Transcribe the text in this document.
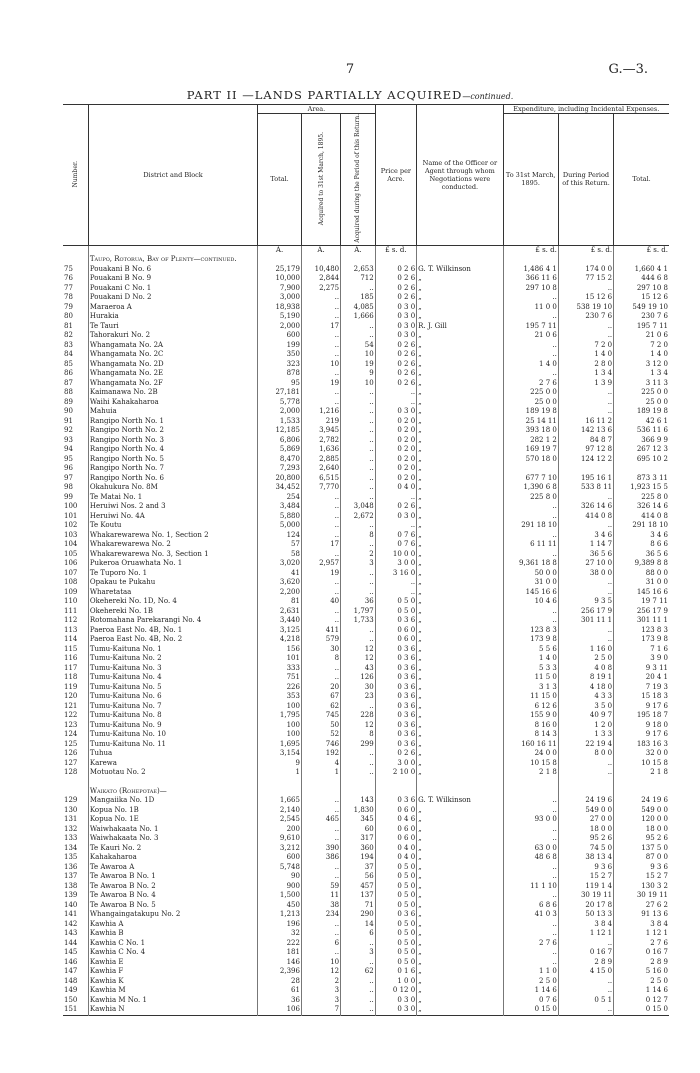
7	G.—3.
PART II —LANDS PARTIALLY ACQUIRED—continued.
Number.	District and Block	Area.			Price per Acre.	Name of the Officer or Agent through whom Negotiations were conducted.	Expenditure, including Incidental Expenses.		
		Total.	Acquired to 31st March, 1895.	Acquired during the Period of this Return.			To 31st March, 1895.	During Period of this Return.	Total.
		A.	A.	A.	£ s. d.		£ s. d.	£ s. d.	£ s. d.
	Taupo, Rotorua, Bay of Plenty—continued.								
75	Pouakani B No. 6	25,179	10,480	2,653	0 2 6	G. T. Wilkinson	1,486 4 1	174 0 0	1,660 4 1
76	Pouakani B No. 9	10,000	2,844	712	0 2 6	„	366 11 6	77 15 2	444 6 8
77	Pouakani C No. 1	7,900	2,275	..	0 2 6	„	297 10 8	..	297 10 8
78	Pouakani D No. 2	3,000	..	185	0 2 6	„	..	15 12 6	15 12 6
79	Maraeroa A	18,938	..	4,085	0 3 0	„	11 0 0	538 19 10	549 19 10
80	Hurakia	5,190	..	1,666	0 3 0	„	..	230 7 6	230 7 6
81	Te Tauri	2,000	17	..	0 3 0	R. J. Gill	195 7 11	..	195 7 11
82	Tahorakuri No. 2	600	..	..	0 3 0	„	21 0 6	..	21 0 6
83	Whangamata No. 2A	199	..	54	0 2 6	„	..	7 2 0	7 2 0
84	Whangamata No. 2C	350	..	10	0 2 6	„	..	1 4 0	1 4 0
85	Whangamata No. 2D	323	10	19	0 2 6	„	1 4 0	2 8 0	3 12 0
86	Whangamata No. 2E	878	..	9	0 2 6	„	..	1 3 4	1 3 4
87	Whangamata No. 2F	95	19	10	0 2 6	„	2 7 6	1 3 9	3 11 3
88	Kaimanawa No. 2B	27,181	..	..	..	„	225 0 0	..	225 0 0
89	Waihi Kahakaharoa	5,778	..	..	..	„	25 0 0	..	25 0 0
90	Mahuia	2,000	1,216	..	0 3 0	„	189 19 8	..	189 19 8
91	Rangipo North No. 1	1,533	219	..	0 2 0	„	25 14 11	16 11 2	42 6 1
92	Rangipo North No. 2	12,185	3,945	..	0 2 0	„	393 18 0	142 13 6	536 11 6
93	Rangipo North No. 3	6,806	2,782	..	0 2 0	„	282 1 2	84 8 7	366 9 9
94	Rangipo North No. 4	5,869	1,636	..	0 2 0	„	169 19 7	97 12 8	267 12 3
95	Rangipo North No. 5	8,470	2,885	..	0 2 0	„	570 18 0	124 12 2	695 10 2
96	Rangipo North No. 7	7,293	2,640	..	0 2 0	„			
97	Rangipo North No. 6	20,800	6,515	..	0 2 0	„	677 7 10	195 16 1	873 3 11
98	Okahukura No. 8M	34,452	7,770	..	0 4 0	„	1,390 6 8	533 8 11	1,923 15 5
99	Te Matai No. 1	254	..	..	..	„	225 8 0	..	225 8 0
100	Heruiwi Nos. 2 and 3	3,484	..	3,048	0 2 6	„	..	326 14 6	326 14 6
101	Heruiwi No. 4A	5,880	..	2,672	0 3 0	„	..	414 0 8	414 0 8
102	Te Koutu	5,000	..	..	..	„	291 18 10	..	291 18 10
103	Whakarewarewa No. 1, Section 2	124	..	8	0 7 6	„	..	3 4 6	3 4 6
104	Whakarewarewa No. 2	57	17	..	0 7 6	„	6 11 11	1 14 7	8 6 6
105	Whakarewarewa No. 3, Section 1	58	..	2	10 0 0	„	..	36 5 6	36 5 6
106	Pukeroa Oruawhata No. 1	3,020	2,957	3	3 0 0	„	9,361 18 8	27 10 0	9,389 8 8
107	Te Tuporo No. 1	41	19	..	3 16 0	„	50 0 0	38 0 0	88 0 0
108	Opakau te Pukahu	3,620	..	..	..	„	31 0 0	..	31 0 0
109	Wharetataa	2,200	..	..	..	„	145 16 6	..	145 16 6
110	Okehereki No. 1D, No. 4	81	40	36	0 5 0	„	10 4 6	9 3 5	19 7 11
111	Okehereki No. 1B	2,631	..	1,797	0 5 0	„	..	256 17 9	256 17 9
112	Rotomahana Parekarangi No. 4	3,440	..	1,733	0 3 6	„	..	301 11 1	301 11 1
113	Paeroa East No. 4B, No. 1	3,125	411	..	0 6 0	„	123 8 3	..	123 8 3
114	Paeroa East No. 4B, No. 2	4,218	579	..	0 6 0	„	173 9 8	..	173 9 8
115	Tumu-Kaituna No. 1	156	30	12	0 3 6	„	5 5 6	1 16 0	7 1 6
116	Tumu-Kaituna No. 2	101	8	12	0 3 6	„	1 4 0	2 5 0	3 9 0
117	Tumu-Kaituna No. 3	333	..	43	0 3 6	„	5 3 3	4 0 8	9 3 11
118	Tumu-Kaituna No. 4	751	..	126	0 3 6	„	11 5 0	8 19 1	20 4 1
119	Tumu-Kaituna No. 5	226	20	30	0 3 6	„	3 1 3	4 18 0	7 19 3
120	Tumu-Kaituna No. 6	353	67	23	0 3 6	„	11 15 0	4 3 3	15 18 3
121	Tumu-Kaituna No. 7	100	62	..	0 3 6	„	6 12 6	3 5 0	9 17 6
122	Tumu-Kaituna No. 8	1,795	745	228	0 3 6	„	155 9 0	40 9 7	195 18 7
123	Tumu-Kaituna No. 9	100	50	12	0 3 6	„	8 16 0	1 2 0	9 18 0
124	Tumu-Kaituna No. 10	100	52	8	0 3 6	„	8 14 3	1 3 3	9 17 6
125	Tumu-Kaituna No. 11	1,695	746	299	0 3 6	„	160 16 11	22 19 4	183 16 3
126	Tuhua	3,154	192	..	0 2 6	„	24 0 0	8 0 0	32 0 0
127	Karewa	9	4	..	3 0 0	„	10 15 8	..	10 15 8
128	Motuotau No. 2	1	1	..	2 10 0	„	2 1 8	..	2 1 8

	Waikato (Rohepotae)—								
129	Mangaiika No. 1D	1,665	..	143	0 3 6	G. T. Wilkinson	..	24 19 6	24 19 6
130	Kopua No. 1B	2,140	..	1,830	0 6 0	„	..	549 0 0	549 0 0
131	Kopua No. 1E	2,545	465	345	0 4 6	„	93 0 0	27 0 0	120 0 0
132	Waiwhakaata No. 1	200	..	60	0 6 0	„	..	18 0 0	18 0 0
133	Waiwhakaata No. 3	9,610	..	317	0 6 0	„	..	95 2 6	95 2 6
134	Te Kauri No. 2	3,212	390	360	0 4 0	„	63 0 0	74 5 0	137 5 0
135	Kahakaharoa	600	386	194	0 4 0	„	48 6 8	38 13 4	87 0 0
136	Te Awaroa A	5,748	..	37	0 5 0	„	..	9 3 6	9 3 6
137	Te Awaroa B No. 1	90	..	56	0 5 0	„	..	15 2 7	15 2 7
138	Te Awaroa B No. 2	900	59	457	0 5 0	„	11 1 10	119 1 4	130 3 2
139	Te Awaroa B No. 4	1,500	11	137	0 5 0	„	..	30 19 11	30 19 11
140	Te Awaroa B No. 5	450	38	71	0 5 0	„	6 8 6	20 17 8	27 6 2
141	Whangaingatakupu No. 2	1,213	234	290	0 3 6	„	41 0 3	50 13 3	91 13 6
142	Kawhia A	196	..	14	0 5 0	„	..	3 8 4	3 8 4
143	Kawhia B	32	..	6	0 5 0	„	..	1 12 1	1 12 1
144	Kawhia C No. 1	222	6	..	0 5 0	„	2 7 6	..	2 7 6
145	Kawhia C No. 4	181	..	3	0 5 0	„	..	0 16 7	0 16 7
146	Kawhia E	146	10	..	0 5 0	„	..	2 8 9	2 8 9
147	Kawhia F	2,396	12	62	0 1 6	„	1 1 0	4 15 0	5 16 0
148	Kawhia K	28	2	..	1 0 0	„	2 5 0	..	2 5 0
149	Kawhia M	61	3	..	0 12 0	„	1 14 6	..	1 14 6
150	Kawhia M No. 1	36	3	..	0 3 0	„	0 7 6	0 5 1	0 12 7
151	Kawhia N	106	7	..	0 3 0	„	0 15 0	..	0 15 0
